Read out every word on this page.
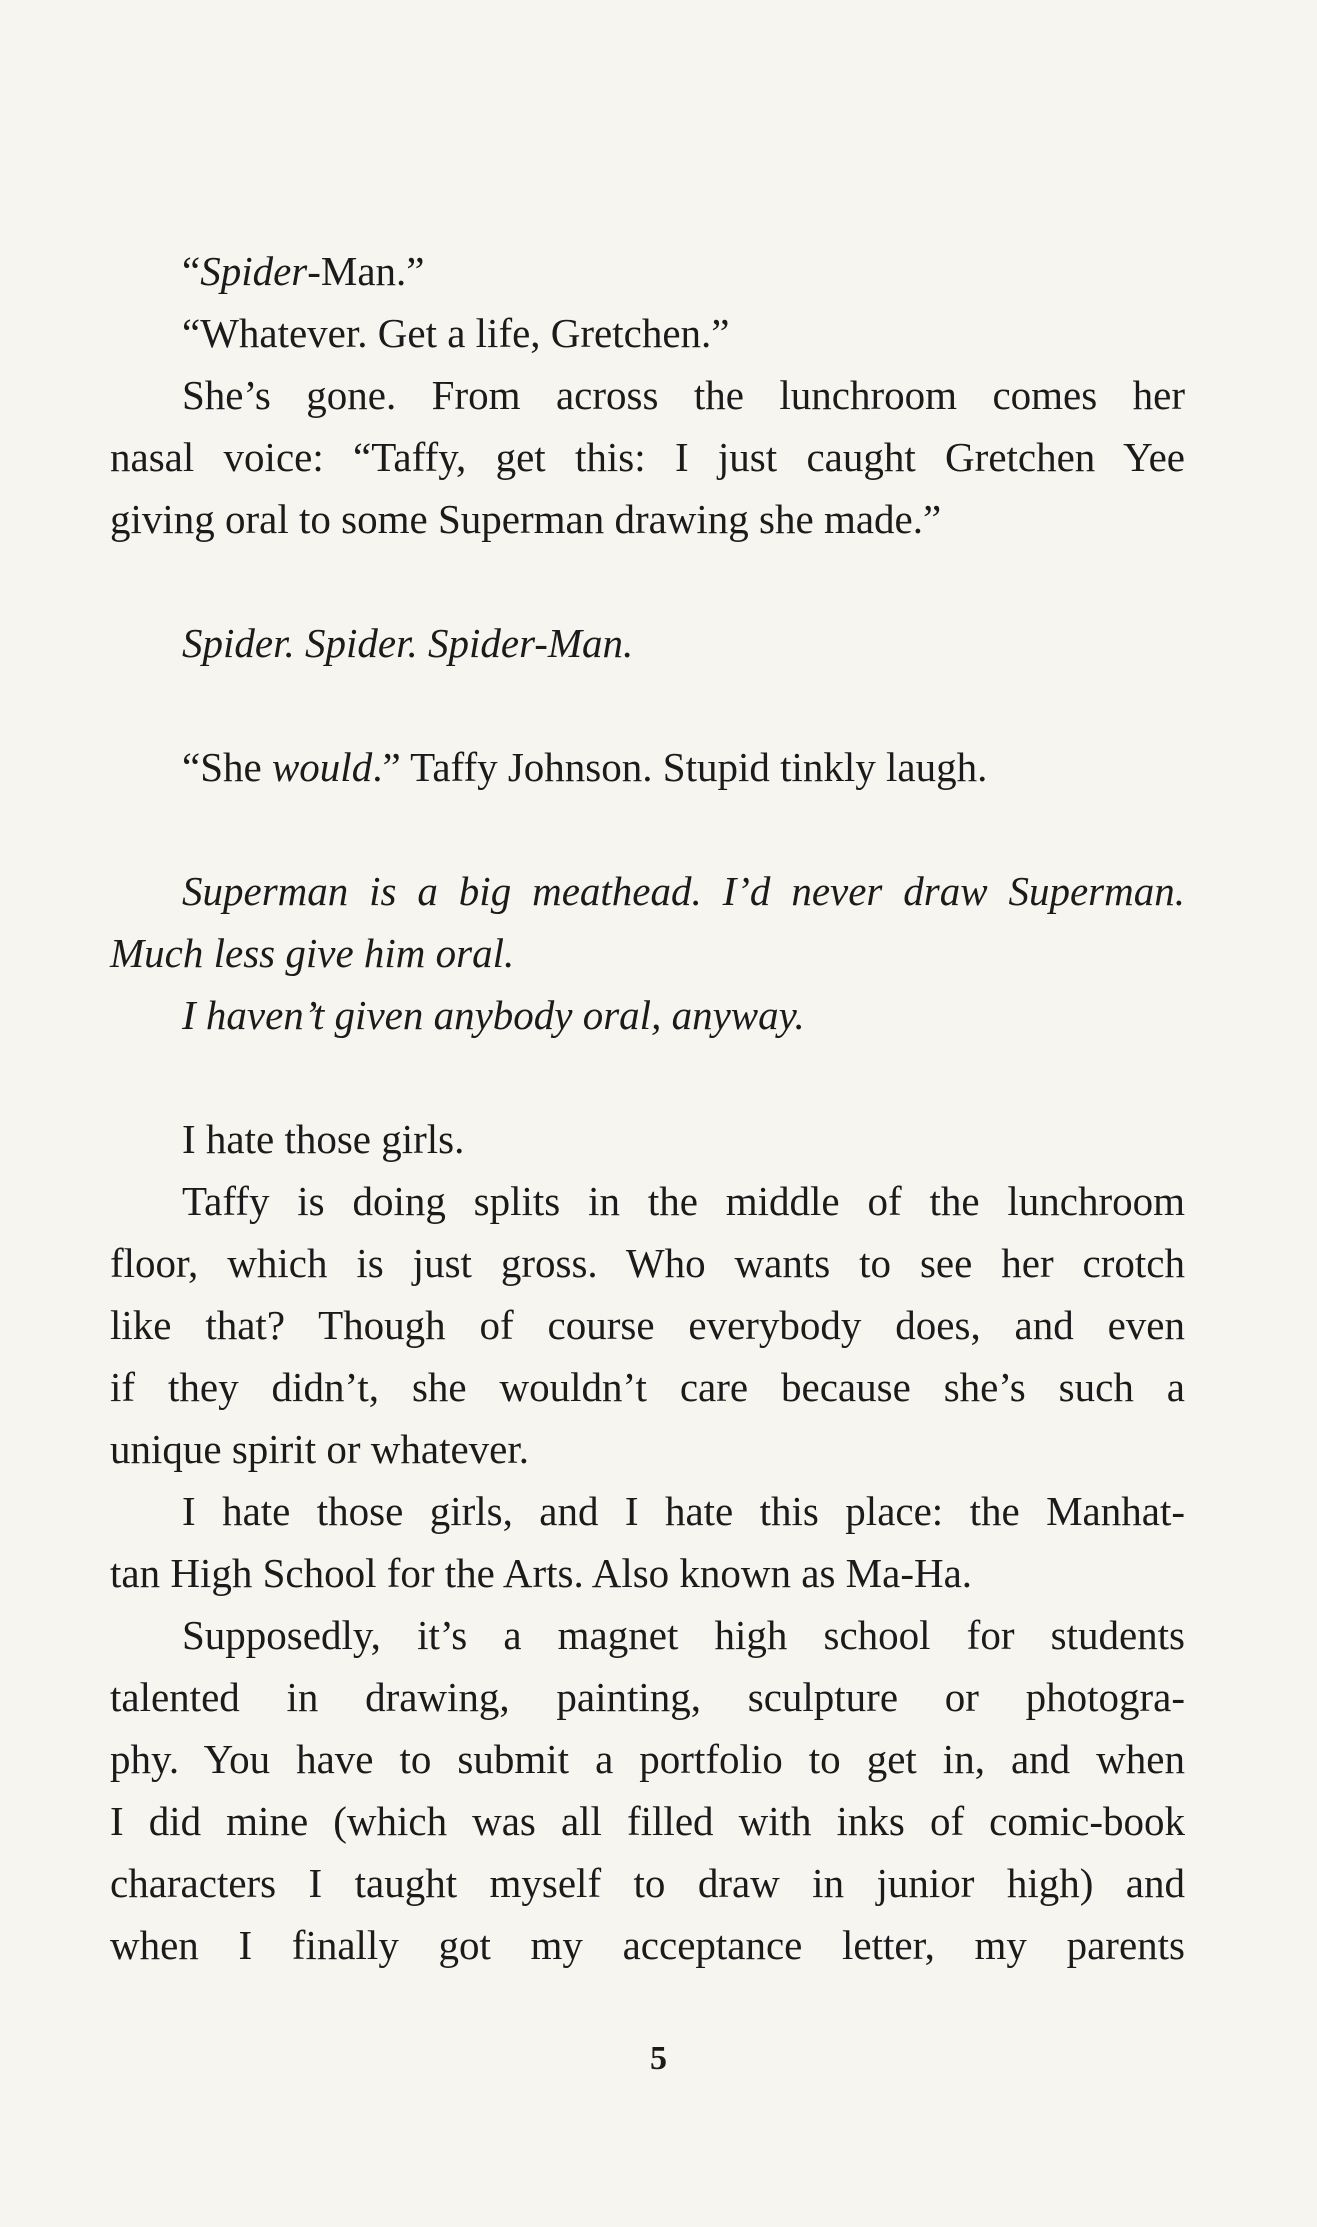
“Spider-Man.”
“Whatever. Get a life, Gretchen.”
She’s gone. From across the lunchroom comes her
nasal voice: “Taffy, get this: I just caught Gretchen Yee
giving oral to some Superman drawing she made.”
Spider. Spider. Spider-Man.
“She would.” Taffy Johnson. Stupid tinkly laugh.
Superman is a big meathead. I’d never draw Superman.
Much less give him oral.
I haven’t given anybody oral, anyway.
I hate those girls.
Taffy is doing splits in the middle of the lunchroom
floor, which is just gross. Who wants to see her crotch
like that? Though of course everybody does, and even
if they didn’t, she wouldn’t care because she’s such a
unique spirit or whatever.
I hate those girls, and I hate this place: the Manhat-
tan High School for the Arts. Also known as Ma-Ha.
Supposedly, it’s a magnet high school for students
talented in drawing, painting, sculpture or photogra-
phy. You have to submit a portfolio to get in, and when
I did mine (which was all filled with inks of comic-book
characters I taught myself to draw in junior high) and
when I finally got my acceptance letter, my parents
5
